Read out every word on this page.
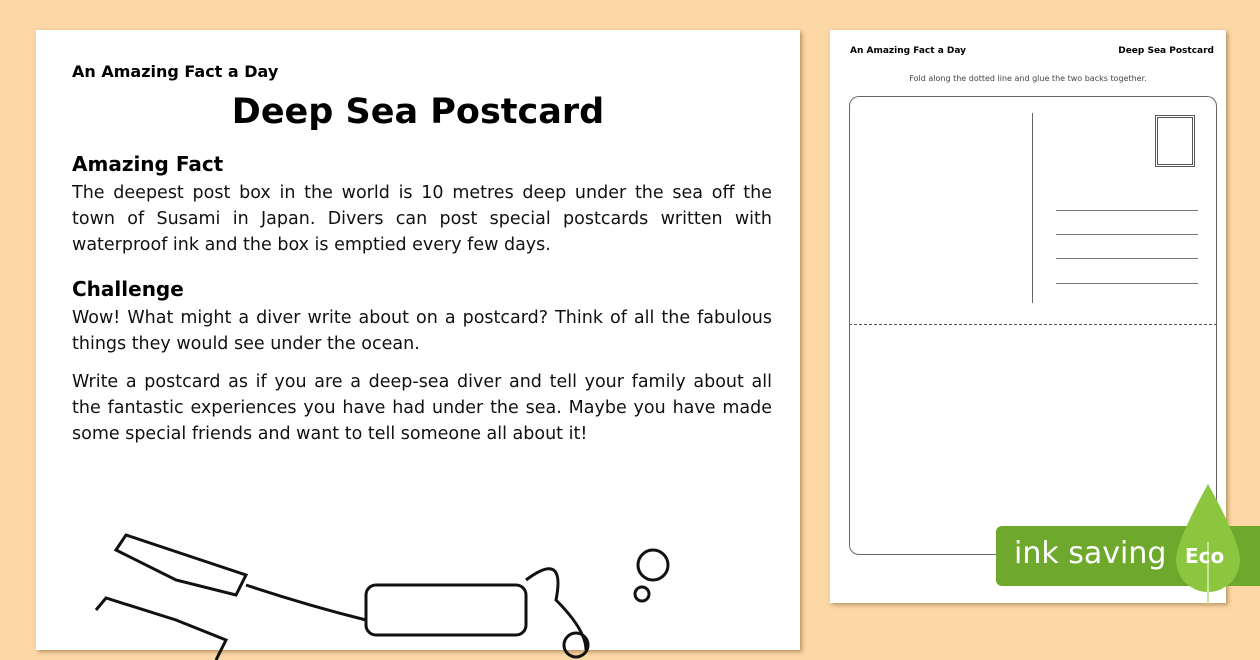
An Amazing Fact a Day
Deep Sea Postcard
Amazing Fact
The deepest post box in the world is 10 metres deep under the sea off the town of Susami in Japan. Divers can post special postcards written with waterproof ink and the box is emptied every few days.
Challenge
Wow! What might a diver write about on a postcard? Think of all the fabulous things they would see under the ocean.
Write a postcard as if you are a deep-sea diver and tell your family about all the fantastic experiences you have had under the sea. Maybe you have made some special friends and want to tell someone all about it!
An Amazing Fact a Day	Deep Sea Postcard
Fold along the dotted line and glue the two backs together.
ink saving Eco
